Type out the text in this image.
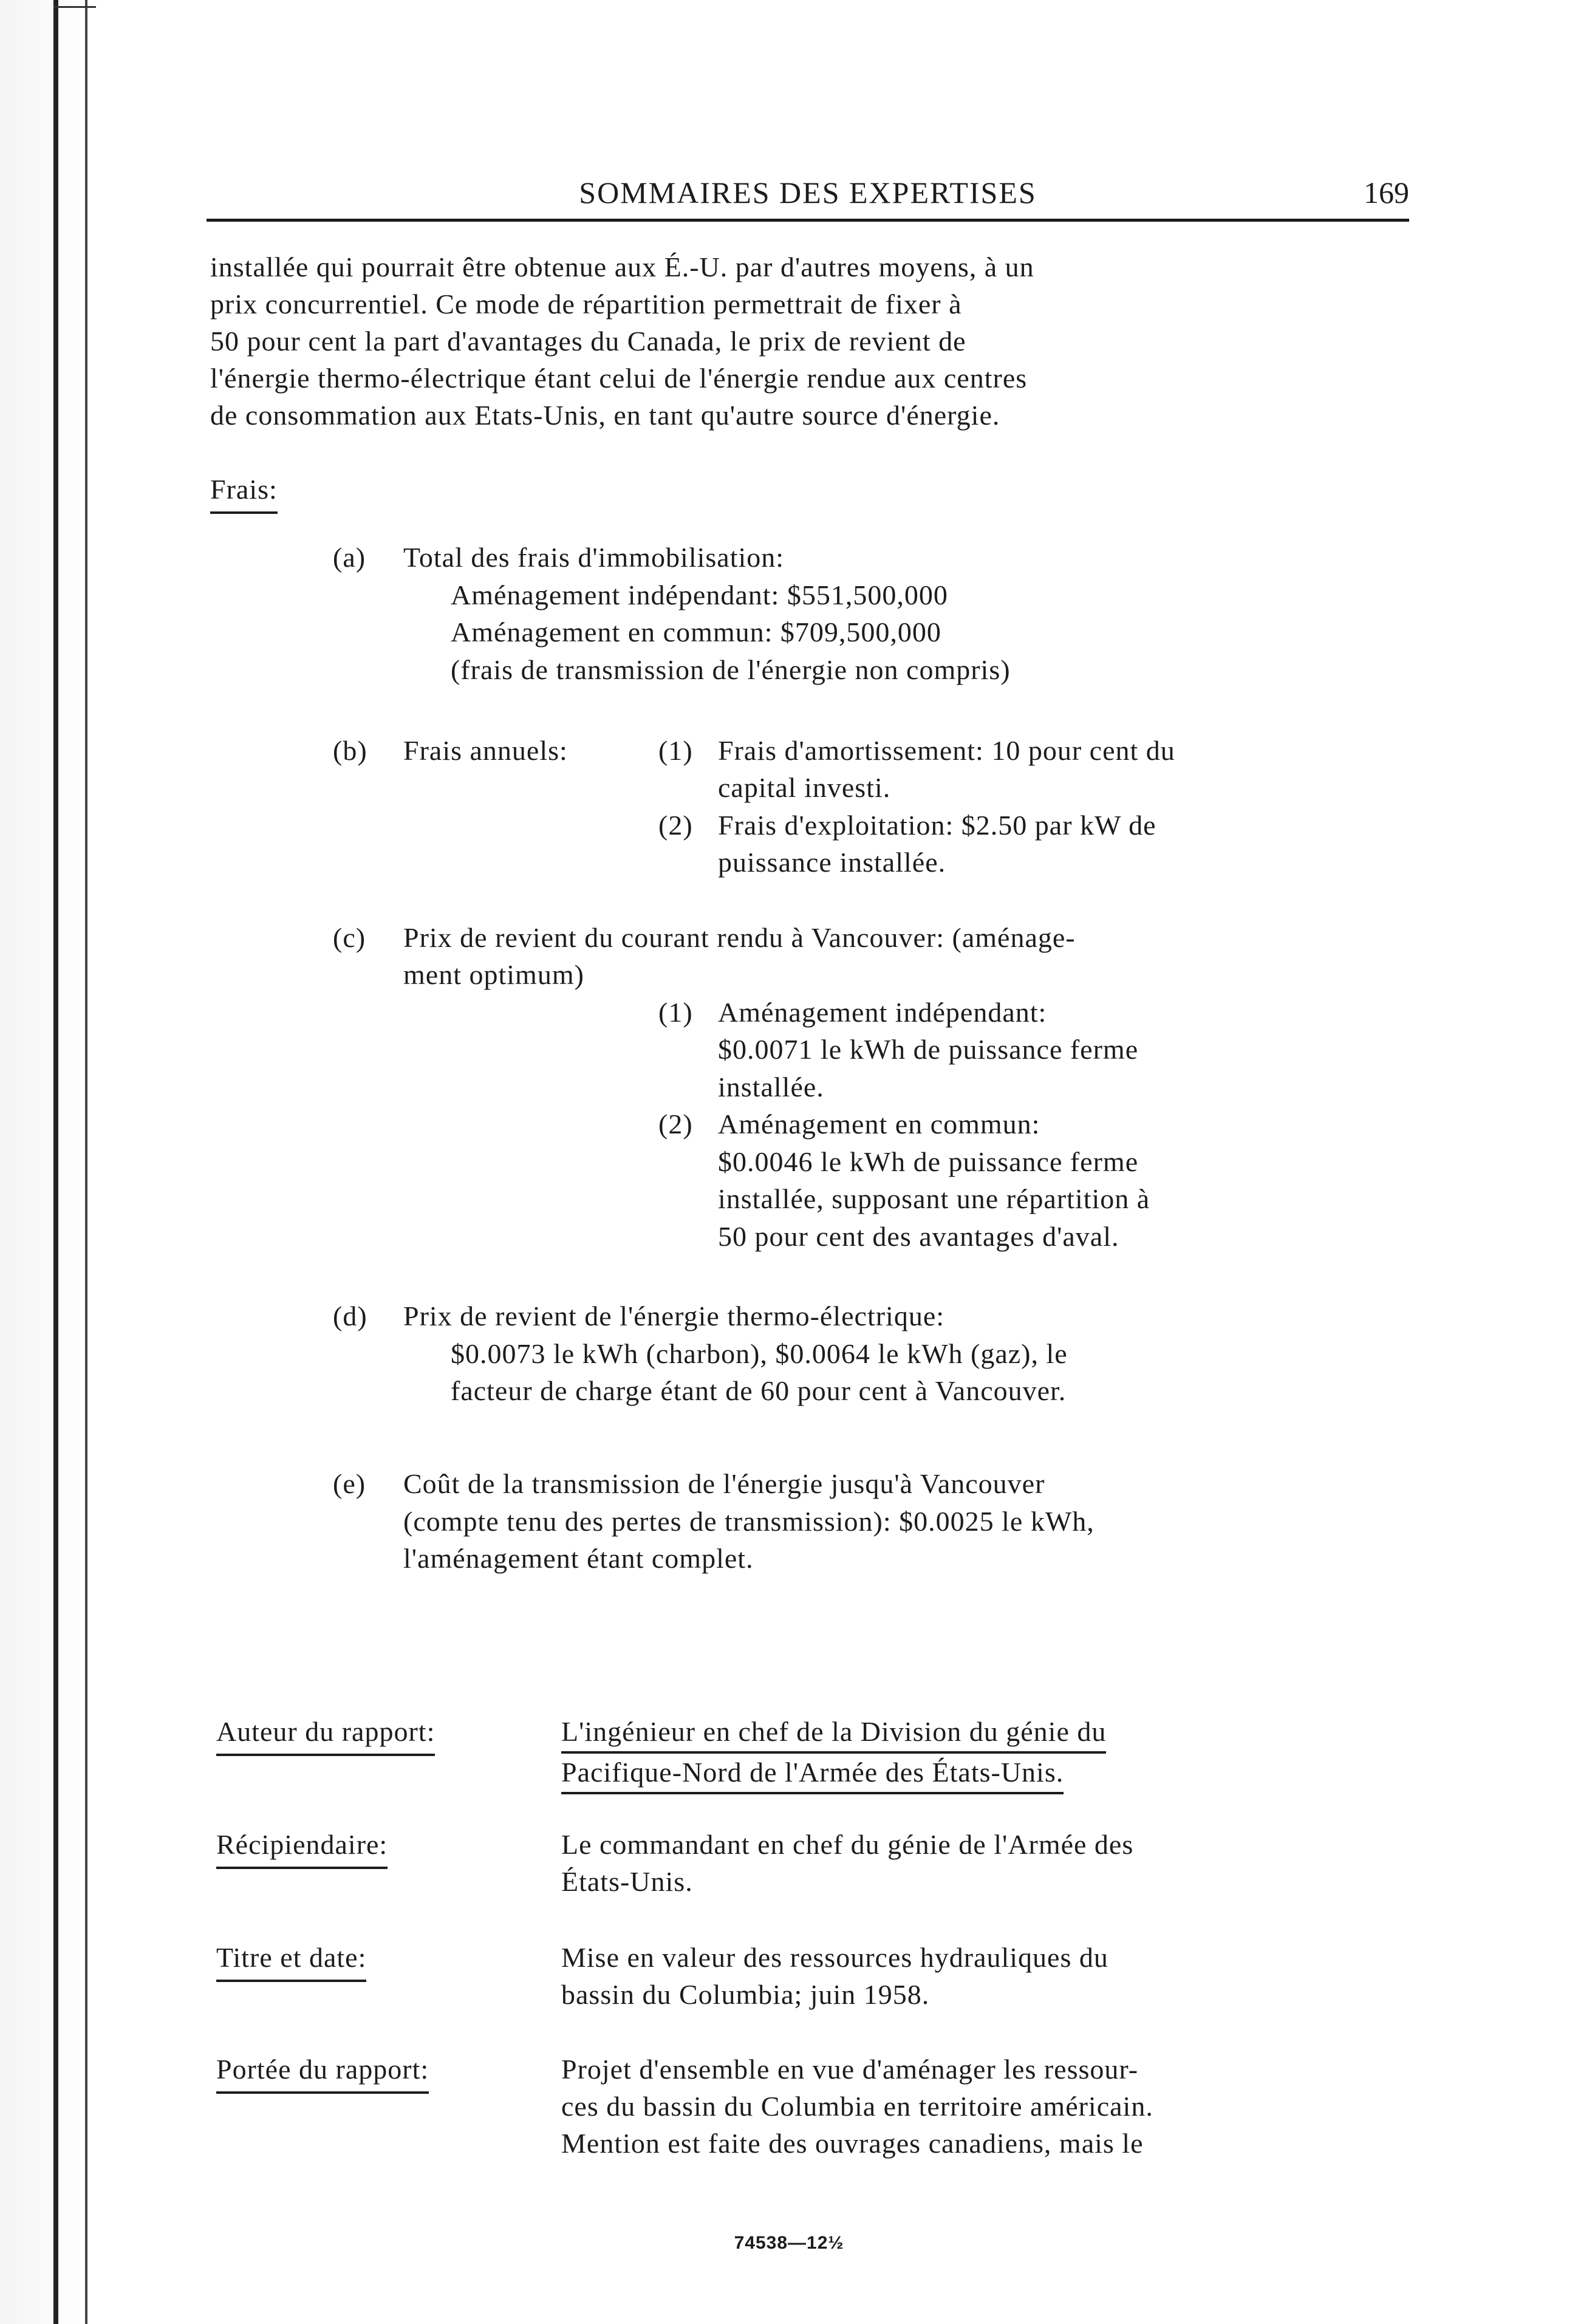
SOMMAIRES DES EXPERTISES	169
installée qui pourrait être obtenue aux É.-U. par d'autres moyens, à un
prix concurrentiel. Ce mode de répartition permettrait de fixer à
50 pour cent la part d'avantages du Canada, le prix de revient de
l'énergie thermo-électrique étant celui de l'énergie rendue aux centres
de consommation aux Etats-Unis, en tant qu'autre source d'énergie.
Frais:
(a) Total des frais d'immobilisation:
Aménagement indépendant: $551,500,000
Aménagement en commun: $709,500,000
(frais de transmission de l'énergie non compris)
(b) Frais annuels:	(1) Frais d'amortissement: 10 pour cent du
capital investi.
(2) Frais d'exploitation: $2.50 par kW de
puissance installée.
(c) Prix de revient du courant rendu à Vancouver: (aménage-
ment optimum)
(1) Aménagement indépendant:
$0.0071 le kWh de puissance ferme
installée.
(2) Aménagement en commun:
$0.0046 le kWh de puissance ferme
installée, supposant une répartition à
50 pour cent des avantages d'aval.
(d) Prix de revient de l'énergie thermo-électrique:
$0.0073 le kWh (charbon), $0.0064 le kWh (gaz), le
facteur de charge étant de 60 pour cent à Vancouver.
(e) Coût de la transmission de l'énergie jusqu'à Vancouver
(compte tenu des pertes de transmission): $0.0025 le kWh,
l'aménagement étant complet.
Auteur du rapport:	L'ingénieur en chef de la Division du génie du
Pacifique-Nord de l'Armée des États-Unis.
Récipiendaire:	Le commandant en chef du génie de l'Armée des
États-Unis.
Titre et date:	Mise en valeur des ressources hydrauliques du
bassin du Columbia; juin 1958.
Portée du rapport:	Projet d'ensemble en vue d'aménager les ressour-
ces du bassin du Columbia en territoire américain.
Mention est faite des ouvrages canadiens, mais le
74538—12½
